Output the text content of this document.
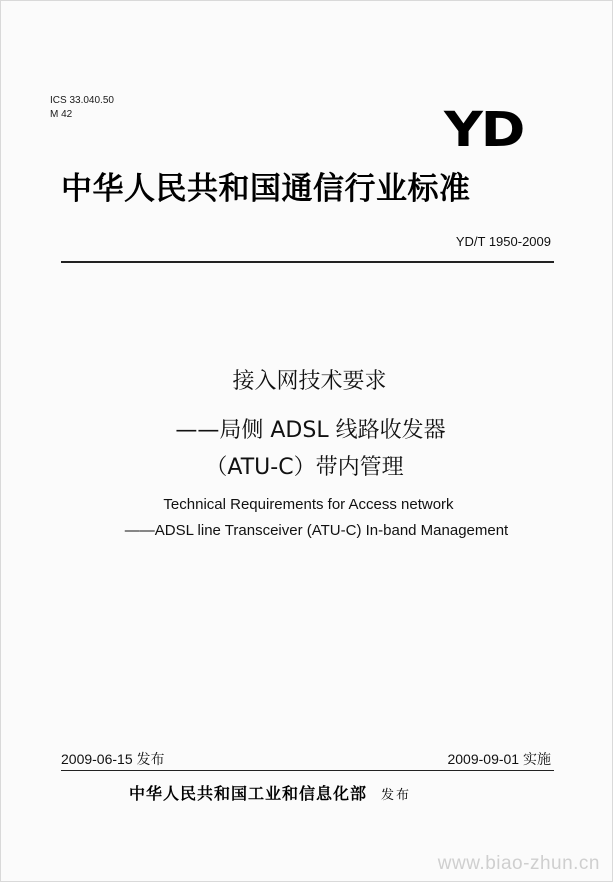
ICS 33.040.50
M 42	YD
中华人民共和国通信行业标准
YD/T 1950-2009
接入网技术要求
——局侧 ADSL 线路收发器
（ATU-C）带内管理
Technical Requirements for Access network
——ADSL line Transceiver (ATU-C) In-band Management
2009-06-15 发布	2009-09-01 实施
中华人民共和国工业和信息化部 发布
www.biao-zhun.cn
